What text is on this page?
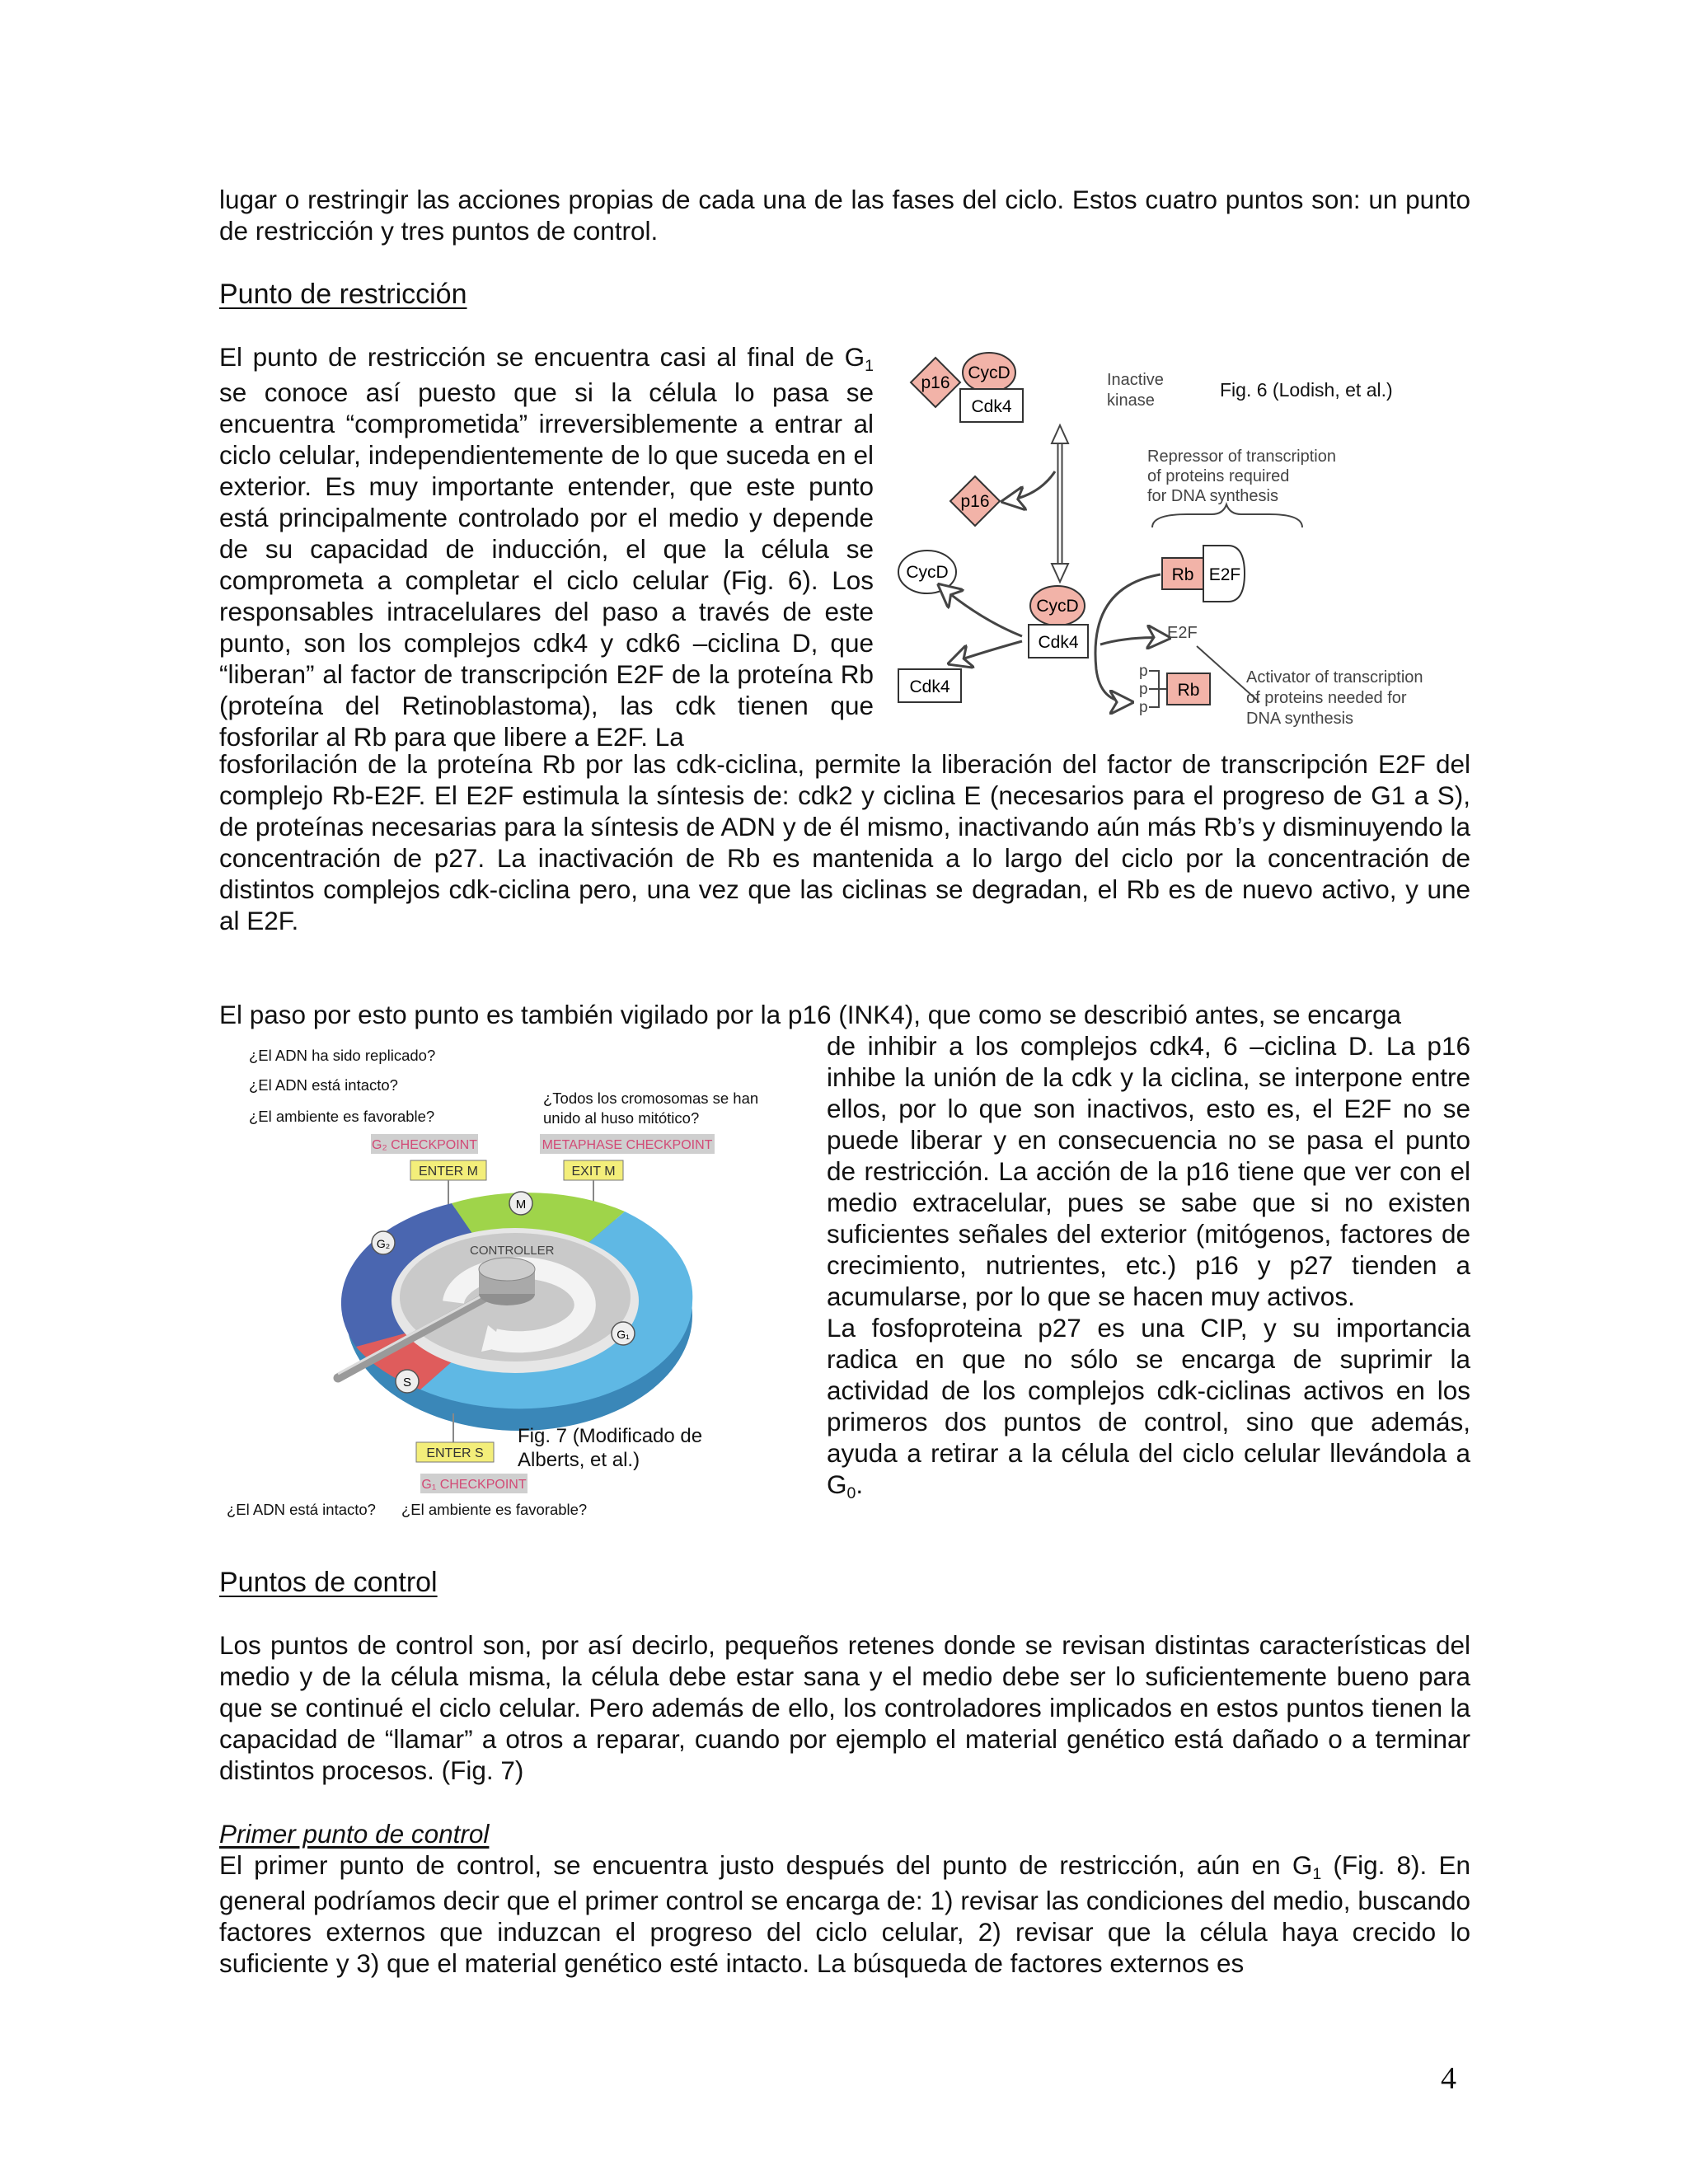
lugar o restringir las acciones propias de cada una de las fases del ciclo. Estos cuatro puntos son: un punto de restricción y tres puntos de control.

Punto de restricción

El punto de restricción se encuentra casi al final de $G_1$ se conoce así puesto que si la célula lo pasa se encuentra “comprometida” irreversiblemente a entrar al ciclo celular, independientemente de lo que suceda en el exterior. Es muy importante entender, que este punto está principalmente controlado por el medio y depende de su capacidad de inducción, el que la célula se comprometa a completar el ciclo celular (Fig. 6). Los responsables intracelulares del paso a través de este punto, son los complejos cdk4 y cdk6 –ciclina D, que “liberan” al factor de transcripción E2F de la proteína Rb (proteína del Retinoblastoma), las cdk tienen que fosforilar al Rb para que libere a E2F. La

p16
CycD
Cdk4
Inactive
kinase	Fig. 6 (Lodish, et al.)
p16
Repressor of transcription
of proteins required
for DNA synthesis
CycD
CycD
Cdk4
Rb E2F
E2F
Cdk4
p
p
p
Rb
Activator of transcription
of proteins needed for
DNA synthesis

fosforilación de la proteína Rb por las cdk-ciclina, permite la liberación del factor de transcripción E2F del complejo Rb-E2F. El E2F estimula la síntesis de: cdk2 y ciclina E (necesarios para el progreso de G1 a S), de proteínas necesarias para la síntesis de ADN y de él mismo, inactivando aún más Rb’s y disminuyendo la concentración de p27. La inactivación de Rb es mantenida a lo largo del ciclo por la concentración de distintos complejos cdk-ciclina pero, una vez que las ciclinas se degradan, el Rb es de nuevo activo, y une al E2F.

El paso por esto punto es también vigilado por la p16 (INK4), que como se describió antes, se encarga

¿El ADN ha sido replicado?
¿El ADN está intacto?
¿El ambiente es favorable?
¿Todos los cromosomas se han
unido al huso mitótico?
G₂ CHECKPOINT	METAPHASE CHECKPOINT
ENTER M	EXIT M
CONTROLLER
M
G₂
G₁
S
ENTER S
G₁ CHECKPOINT
Fig. 7 (Modificado de
Alberts, et al.)
¿El ADN está intacto? ¿El ambiente es favorable?

de inhibir a los complejos cdk4, 6 –ciclina D. La p16 inhibe la unión de la cdk y la ciclina, se interpone entre ellos, por lo que son inactivos, esto es, el E2F no se puede liberar y en consecuencia no se pasa el punto de restricción. La acción de la p16 tiene que ver con el medio extracelular, pues se sabe que si no existen suficientes señales del exterior (mitógenos, factores de crecimiento, nutrientes, etc.) p16 y p27 tienden a acumularse, por lo que se hacen muy activos.

La fosfoproteina p27 es una CIP, y su importancia radica en que no sólo se encarga de suprimir la actividad de los complejos cdk-ciclinas activos en los primeros dos puntos de control, sino que además, ayuda a retirar a la célula del ciclo celular llevándola a $G_0$.

Puntos de control

Los puntos de control son, por así decirlo, pequeños retenes donde se revisan distintas características del medio y de la célula misma, la célula debe estar sana y el medio debe ser lo suficientemente bueno para que se continué el ciclo celular. Pero además de ello, los controladores implicados en estos puntos tienen la capacidad de “llamar” a otros a reparar, cuando por ejemplo el material genético está dañado o a terminar distintos procesos. (Fig. 7)

Primer punto de control

El primer punto de control, se encuentra justo después del punto de restricción, aún en $G_1$ (Fig. 8). En general podríamos decir que el primer control se encarga de: 1) revisar las condiciones del medio, buscando factores externos que induzcan el progreso del ciclo celular, 2) revisar que la célula haya crecido lo suficiente y 3) que el material genético esté intacto. La búsqueda de factores externos es

4
